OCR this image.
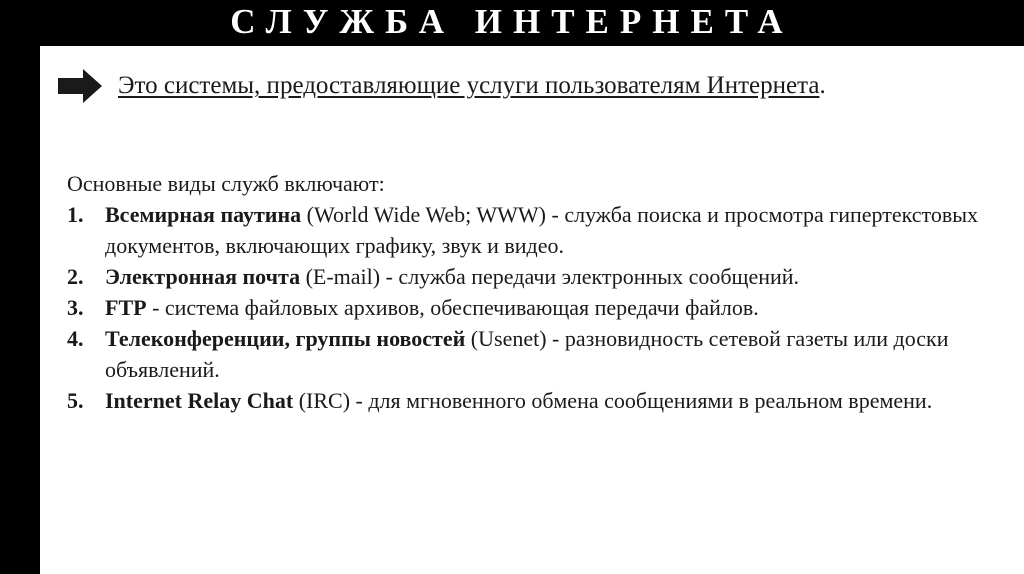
СЛУЖБА ИНТЕРНЕТА
Это системы, предоставляющие услуги пользователям Интернета.

Основные виды служб включают:

1. Всемирная паутина (World Wide Web; WWW) - служба поиска и просмотра гипертекстовых документов, включающих графику, звук и видео.
2. Электронная почта (E-mail) - служба передачи электронных сообщений.
3. FTP - система файловых архивов, обеспечивающая передачи файлов.
4. Телеконференции, группы новостей (Usenet) - разновидность сетевой газеты или доски объявлений.
5. Internet Relay Chat (IRC) - для мгновенного обмена сообщениями в реальном времени.
